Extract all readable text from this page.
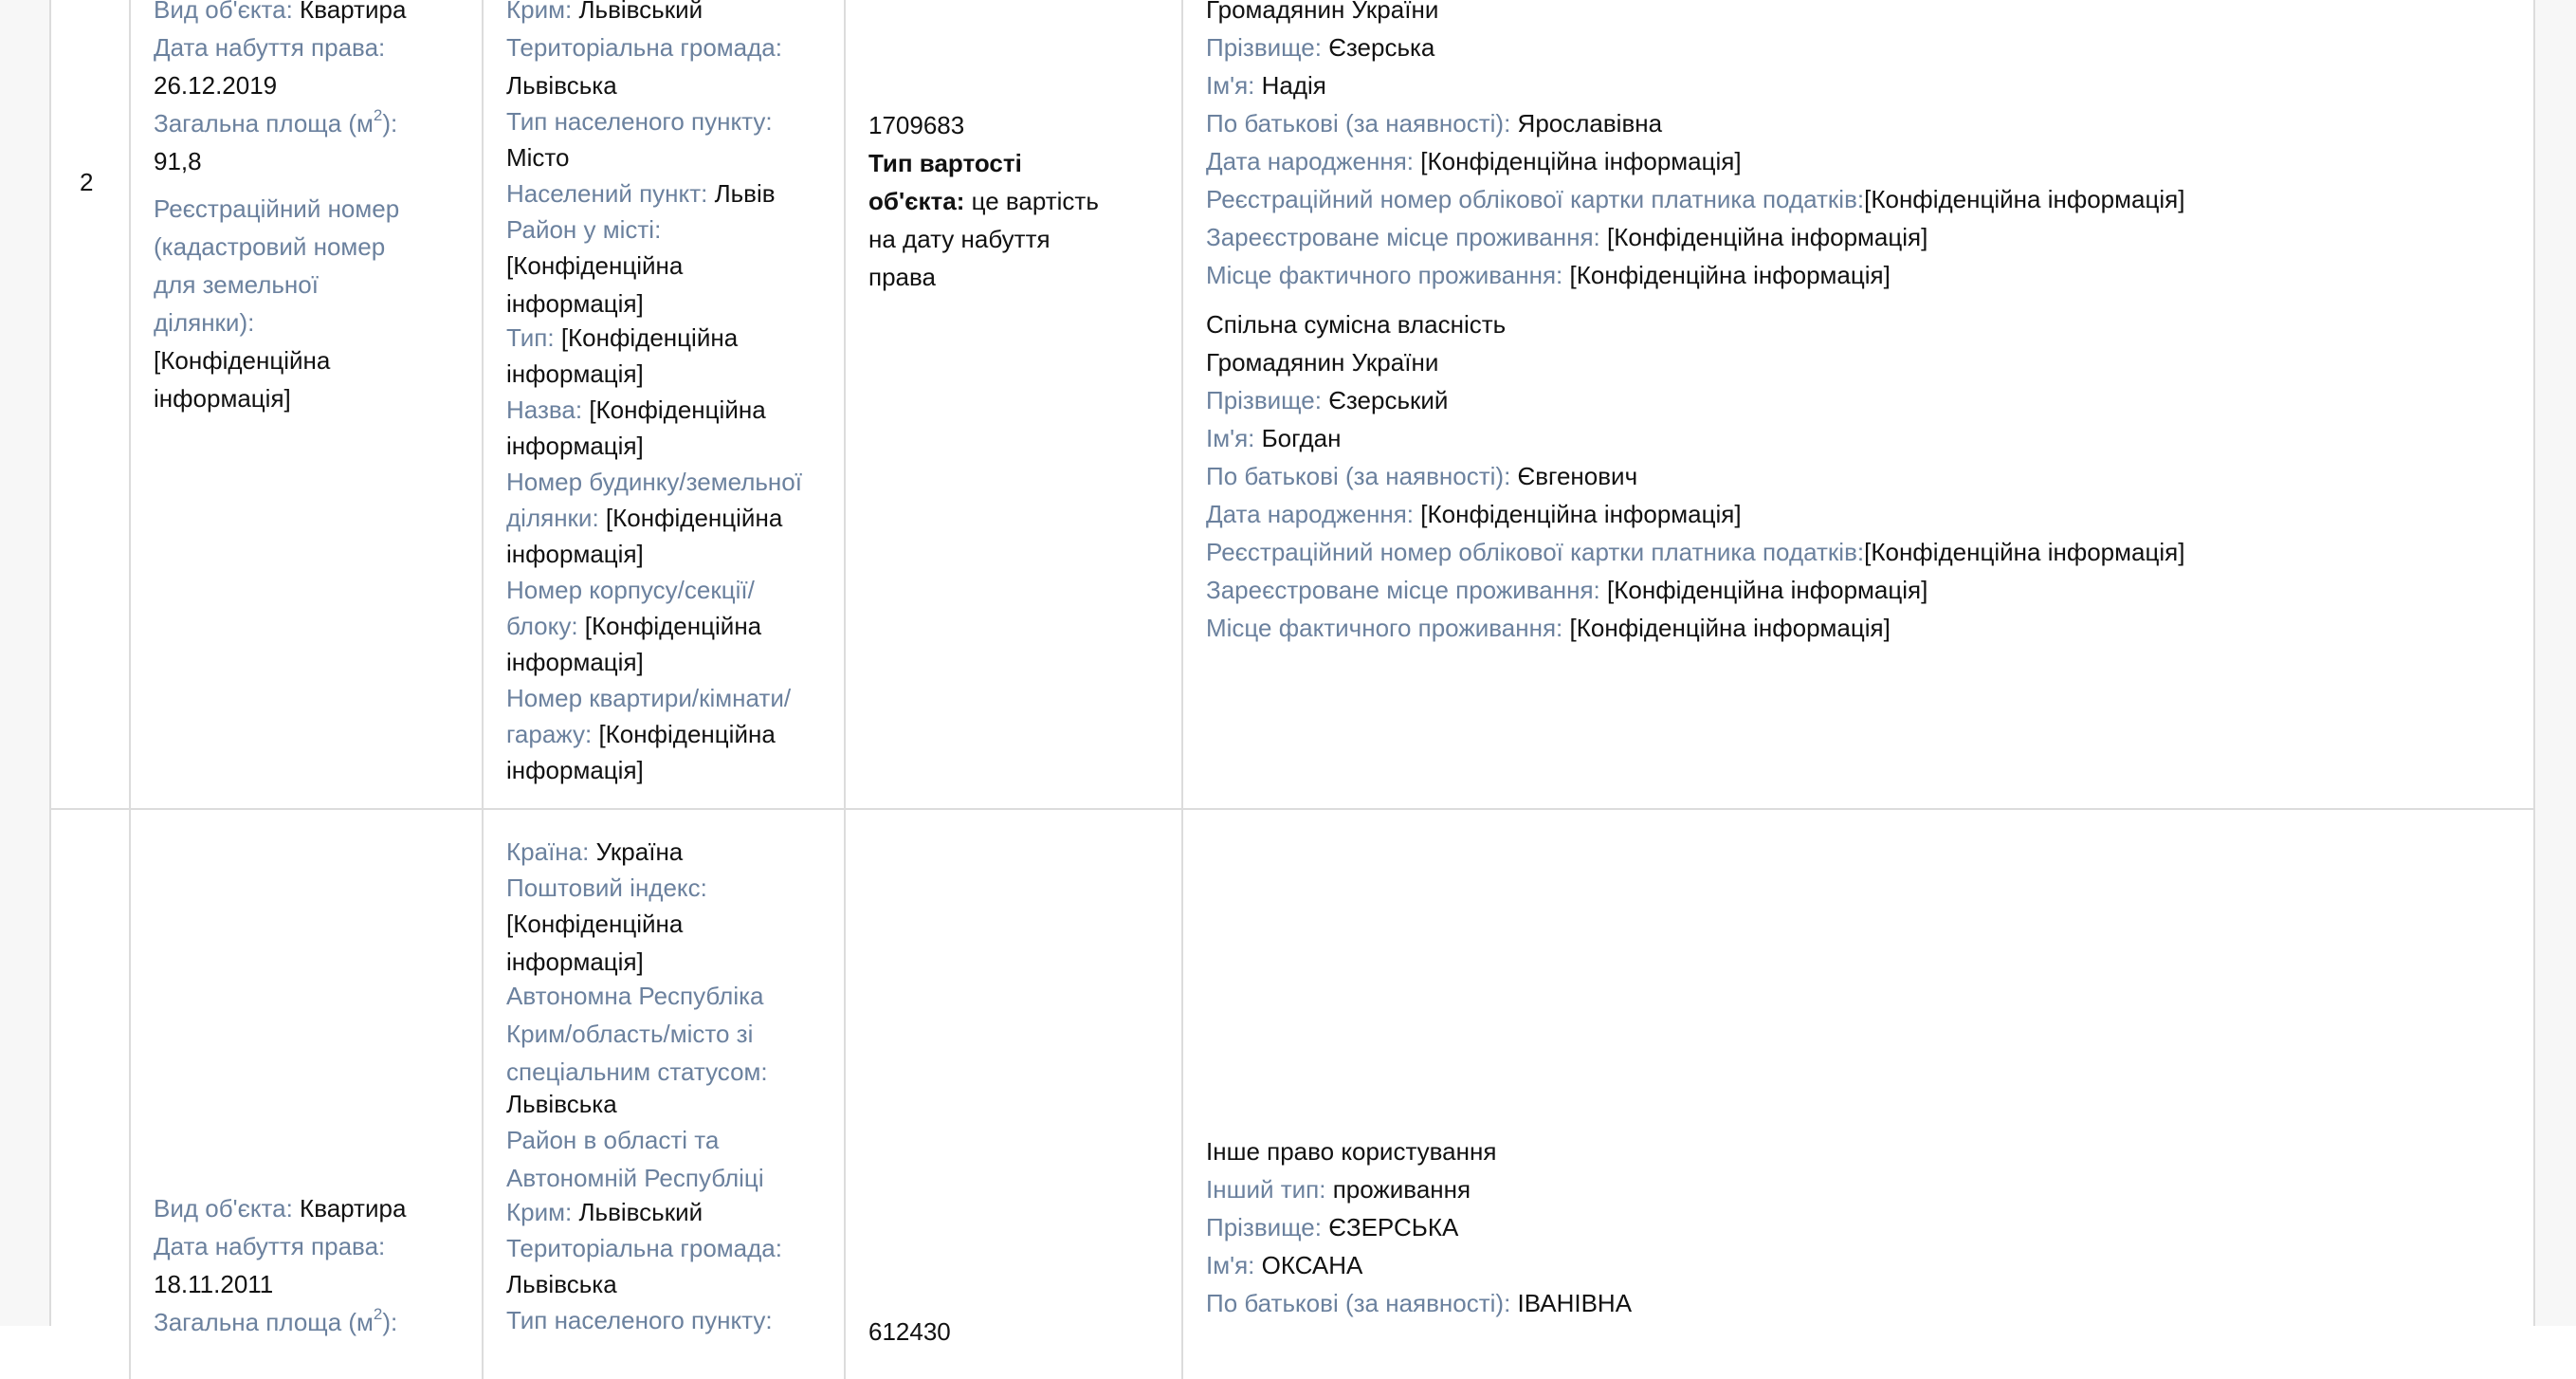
2
Вид об'єкта: Квартира
Дата набуття права:
26.12.2019
Загальна площа $(м^2)$:
91,8
Реєстраційний номер
(кадастровий номер
для земельної
ділянки):
[Конфіденційна
інформація]
Крим: Львівський
Територіальна громада:
Львівська
Тип населеного пункту:
Місто
Населений пункт: Львів
Район у місті:
[Конфіденційна
інформація]
Тип: [Конфіденційна
інформація]
Назва: [Конфіденційна
інформація]
Номер будинку/земельної
ділянки: [Конфіденційна
інформація]
Номер корпусу/секції/
блоку: [Конфіденційна
інформація]
Номер квартири/кімнати/
гаражу: [Конфіденційна
інформація]
1709683
Тип вартості
об'єкта: це вартість
на дату набуття
права
Громадянин України
Прізвище: Єзерська
Ім'я: Надія
По батькові (за наявності): Ярославівна
Дата народження: [Конфіденційна інформація]
Реєстраційний номер облікової картки платника податків:[Конфіденційна інформація]
Зареєстроване місце проживання: [Конфіденційна інформація]
Місце фактичного проживання: [Конфіденційна інформація]
Спільна сумісна власність
Громадянин України
Прізвище: Єзерський
Ім'я: Богдан
По батькові (за наявності): Євгенович
Дата народження: [Конфіденційна інформація]
Реєстраційний номер облікової картки платника податків:[Конфіденційна інформація]
Зареєстроване місце проживання: [Конфіденційна інформація]
Місце фактичного проживання: [Конфіденційна інформація]
Вид об'єкта: Квартира
Дата набуття права:
18.11.2011
Загальна площа $(м^2)$:
Країна: Україна
Поштовий індекс:
[Конфіденційна
інформація]
Автономна Республіка
Крим/область/місто зі
спеціальним статусом:
Львівська
Район в області та
Автономній Республіці
Крим: Львівський
Територіальна громада:
Львівська
Тип населеного пункту:	612430
Інше право користування
Інший тип: проживання
Прізвище: ЄЗЕРСЬКА
Ім'я: ОКСАНА
По батькові (за наявності): ІВАНІВНА
